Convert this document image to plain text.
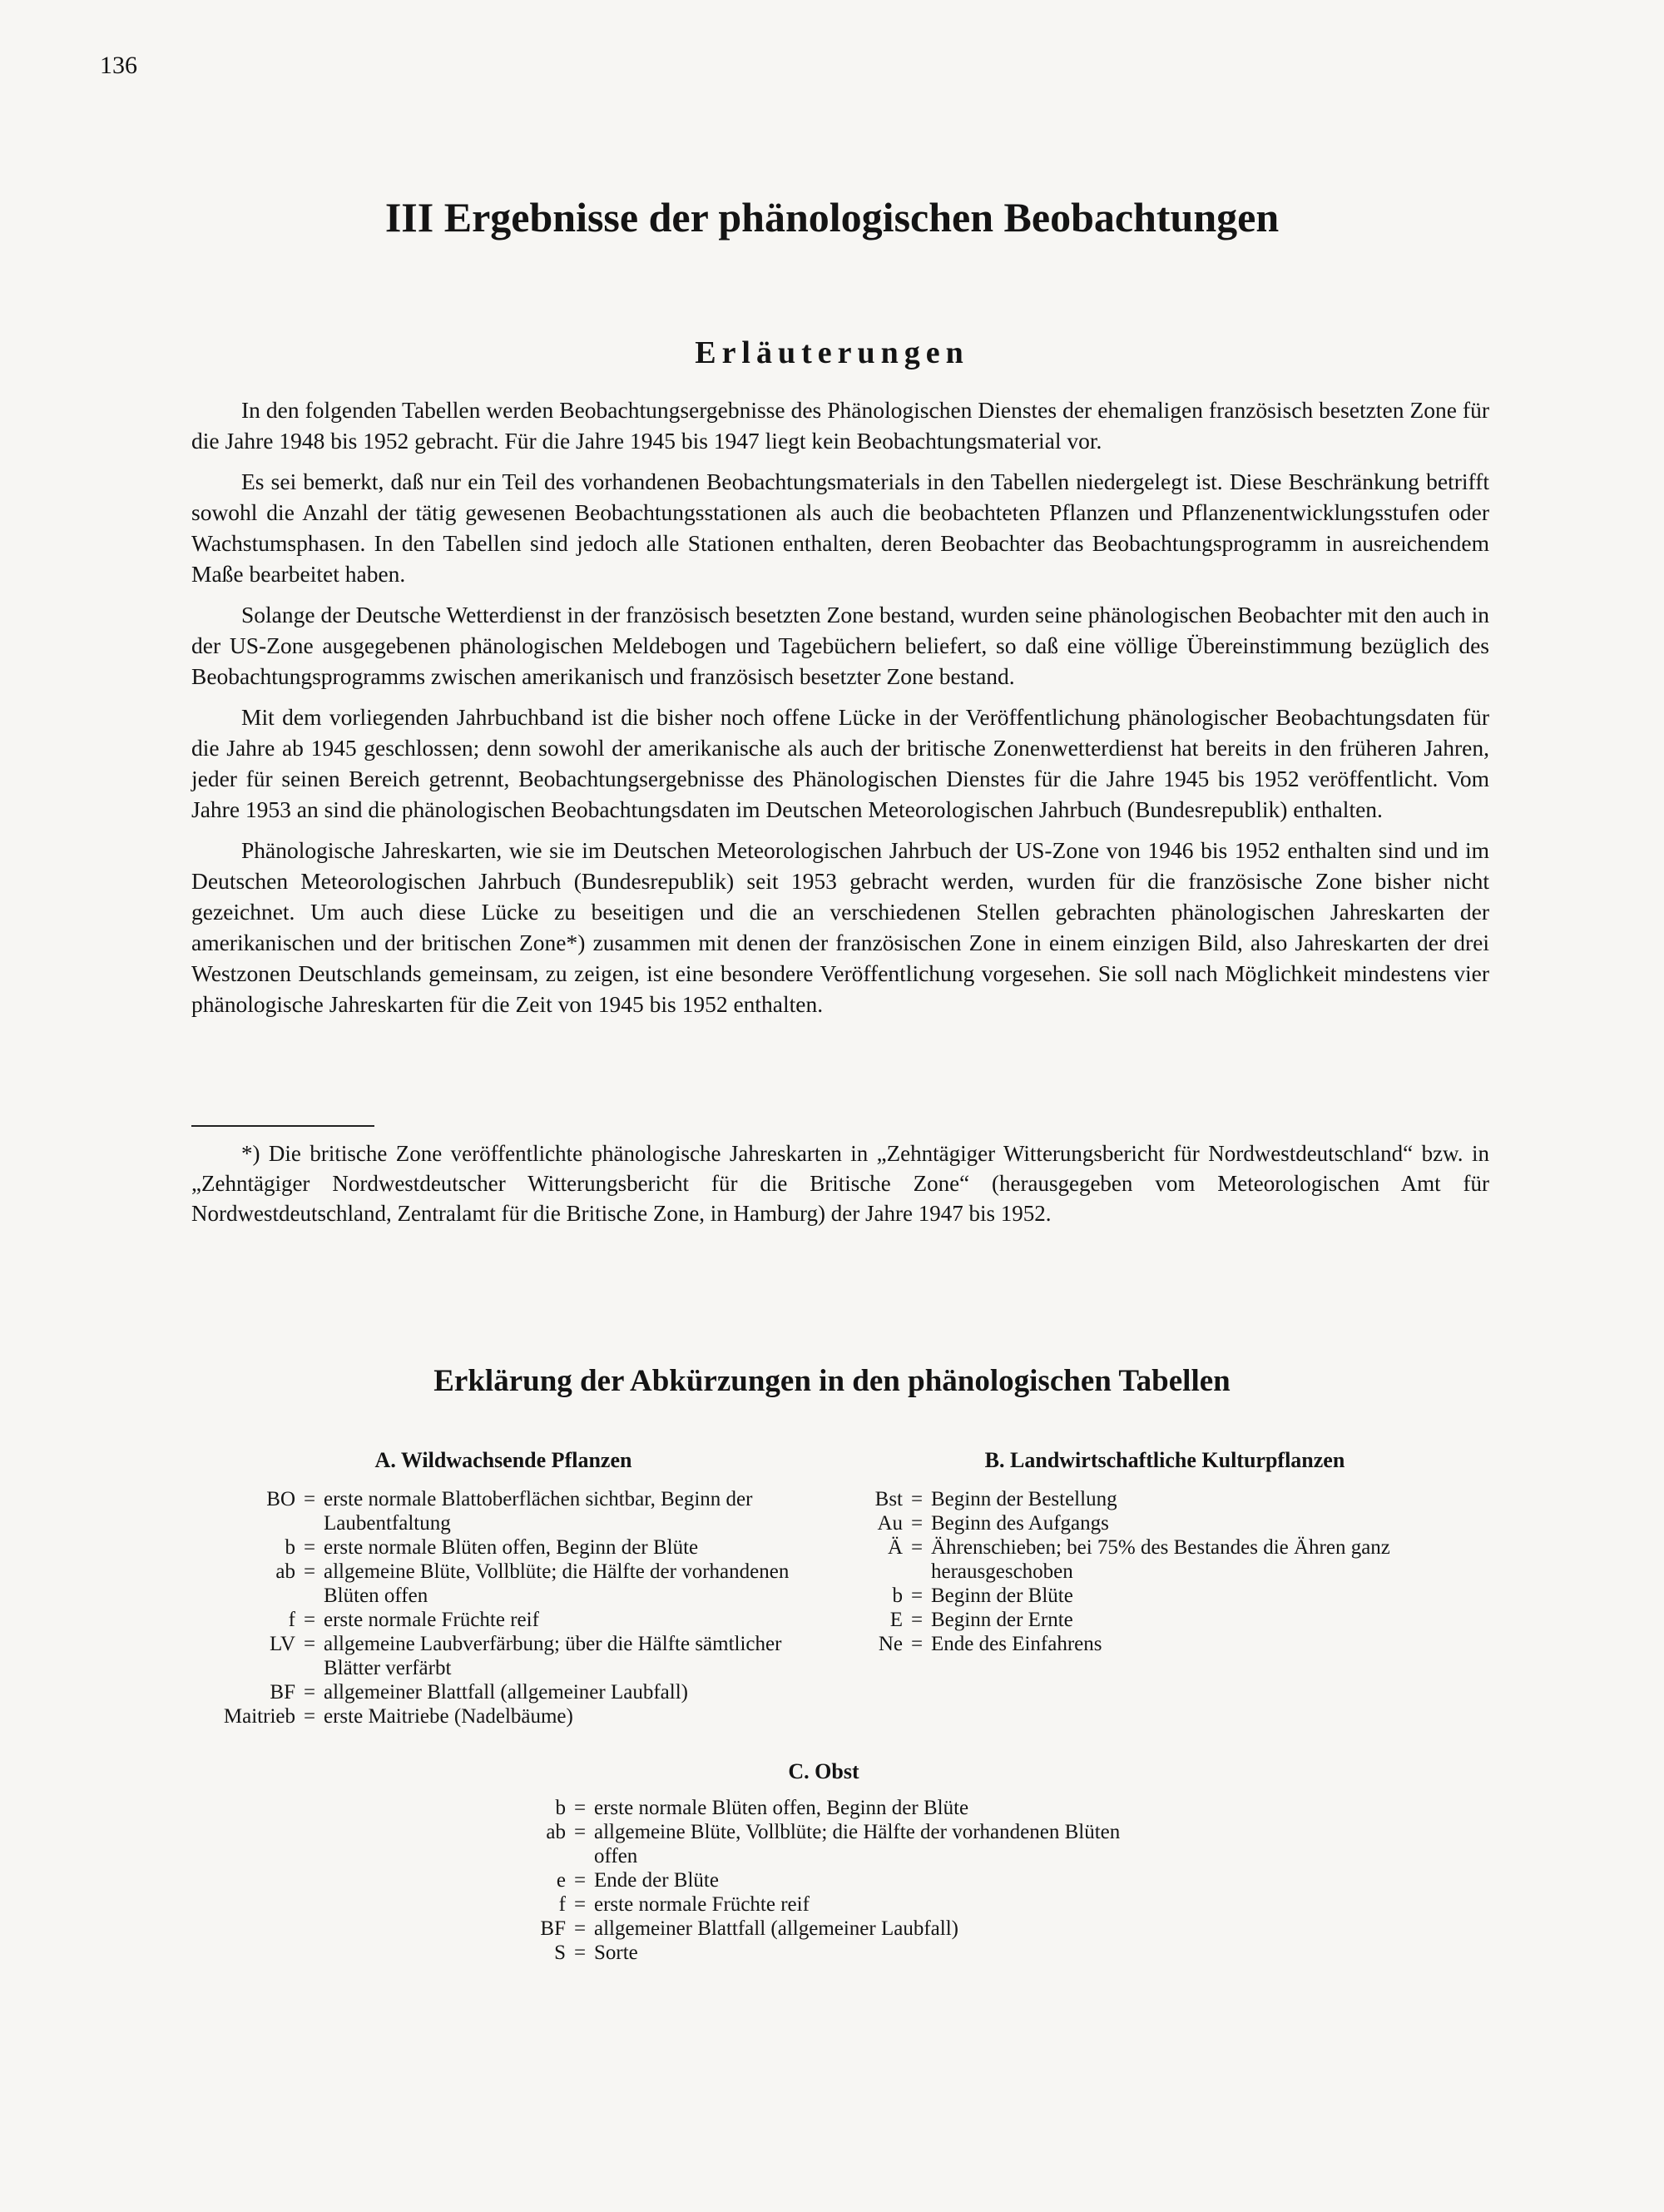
136
III Ergebnisse der phänologischen Beobachtungen
Erläuterungen

In den folgenden Tabellen werden Beobachtungsergebnisse des Phänologischen Dienstes der ehemaligen französisch besetzten Zone für die Jahre 1948 bis 1952 gebracht. Für die Jahre 1945 bis 1947 liegt kein Beobachtungsmaterial vor.

Es sei bemerkt, daß nur ein Teil des vorhandenen Beobachtungsmaterials in den Tabellen niedergelegt ist. Diese Beschränkung betrifft sowohl die Anzahl der tätig gewesenen Beobachtungsstationen als auch die beobachteten Pflanzen und Pflanzenentwicklungsstufen oder Wachstumsphasen. In den Tabellen sind jedoch alle Stationen enthalten, deren Beobachter das Beobachtungsprogramm in ausreichendem Maße bearbeitet haben.

Solange der Deutsche Wetterdienst in der französisch besetzten Zone bestand, wurden seine phänologischen Beobachter mit den auch in der US-Zone ausgegebenen phänologischen Meldebogen und Tagebüchern beliefert, so daß eine völlige Übereinstimmung bezüglich des Beobachtungsprogramms zwischen amerikanisch und französisch besetzter Zone bestand.

Mit dem vorliegenden Jahrbuchband ist die bisher noch offene Lücke in der Veröffentlichung phänologischer Beobachtungsdaten für die Jahre ab 1945 geschlossen; denn sowohl der amerikanische als auch der britische Zonenwetterdienst hat bereits in den früheren Jahren, jeder für seinen Bereich getrennt, Beobachtungsergebnisse des Phänologischen Dienstes für die Jahre 1945 bis 1952 veröffentlicht. Vom Jahre 1953 an sind die phänologischen Beobachtungsdaten im Deutschen Meteorologischen Jahrbuch (Bundesrepublik) enthalten.

Phänologische Jahreskarten, wie sie im Deutschen Meteorologischen Jahrbuch der US-Zone von 1946 bis 1952 enthalten sind und im Deutschen Meteorologischen Jahrbuch (Bundesrepublik) seit 1953 gebracht werden, wurden für die französische Zone bisher nicht gezeichnet. Um auch diese Lücke zu beseitigen und die an verschiedenen Stellen gebrachten phänologischen Jahreskarten der amerikanischen und der britischen Zone*) zusammen mit denen der französischen Zone in einem einzigen Bild, also Jahreskarten der drei Westzonen Deutschlands gemeinsam, zu zeigen, ist eine besondere Veröffentlichung vorgesehen. Sie soll nach Möglichkeit mindestens vier phänologische Jahreskarten für die Zeit von 1945 bis 1952 enthalten.

*) Die britische Zone veröffentlichte phänologische Jahreskarten in „Zehntägiger Witterungsbericht für Nordwestdeutschland“ bzw. in „Zehntägiger Nordwestdeutscher Witterungsbericht für die Britische Zone“ (herausgegeben vom Meteorologischen Amt für Nordwestdeutschland, Zentralamt für die Britische Zone, in Hamburg) der Jahre 1947 bis 1952.

Erklärung der Abkürzungen in den phänologischen Tabellen
A. Wildwachsende Pflanzen	B. Landwirtschaftliche Kulturpflanzen
C. Obst
BO = erste normale Blattoberflächen sichtbar, Beginn der Laubentfaltung
b = erste normale Blüten offen, Beginn der Blüte
ab = allgemeine Blüte, Vollblüte; die Hälfte der vorhandenen Blüten offen
f = erste normale Früchte reif
LV = allgemeine Laubverfärbung; über die Hälfte sämtlicher Blätter verfärbt
BF = allgemeiner Blattfall (allgemeiner Laubfall)
Maitrieb = erste Maitriebe (Nadelbäume)
Bst = Beginn der Bestellung
Au = Beginn des Aufgangs
Ä = Ährenschieben; bei 75% des Bestandes die Ähren ganz herausgeschoben
b = Beginn der Blüte
E = Beginn der Ernte
Ne = Ende des Einfahrens
b = erste normale Blüten offen, Beginn der Blüte
ab = allgemeine Blüte, Vollblüte; die Hälfte der vorhandenen Blüten offen
e = Ende der Blüte
f = erste normale Früchte reif
BF = allgemeiner Blattfall (allgemeiner Laubfall)
S = Sorte
